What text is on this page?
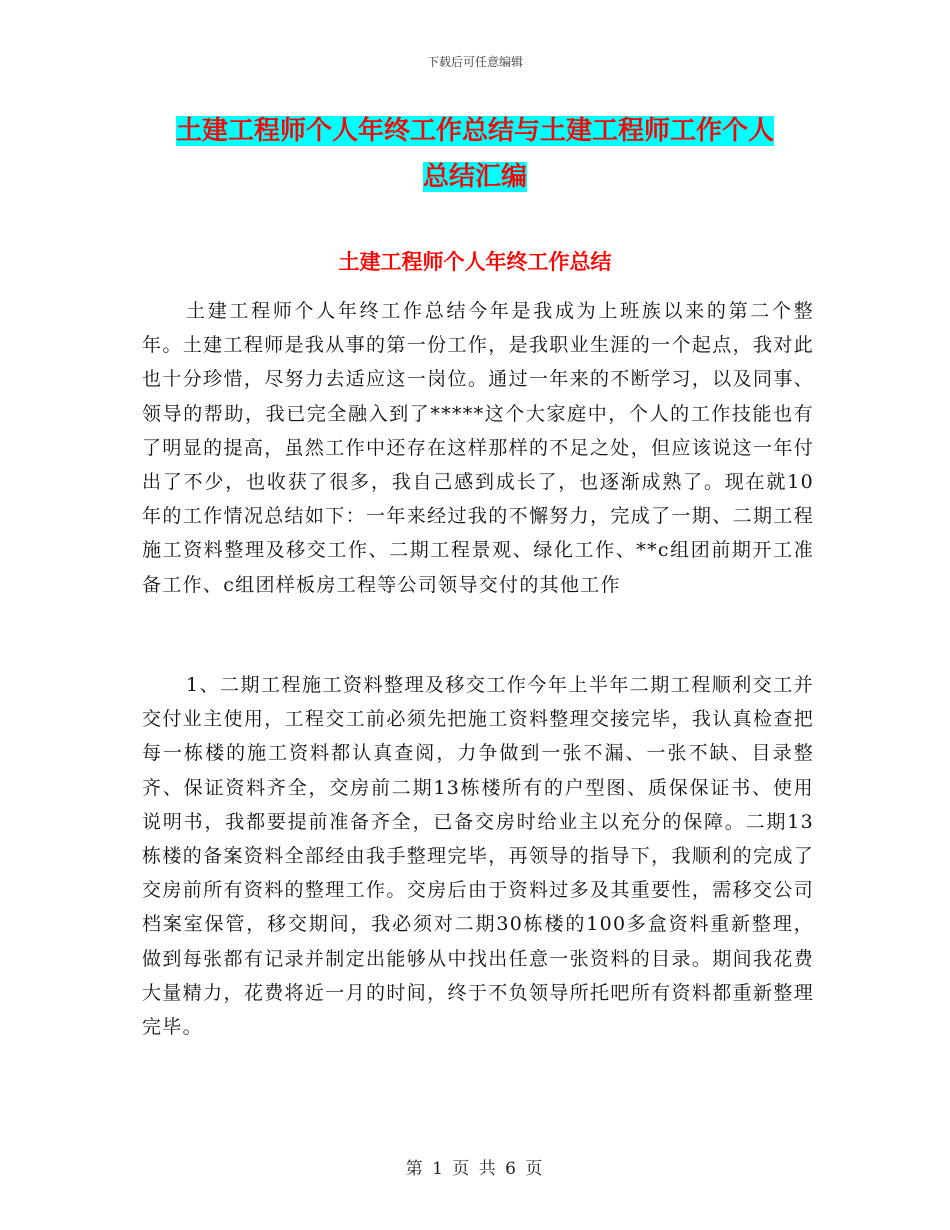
下载后可任意编辑
土建工程师个人年终工作总结与土建工程师工作个人
总结汇编
土建工程师个人年终工作总结

土建工程师个人年终工作总结今年是我成为上班族以来的第二个整年。土建工程师是我从事的第一份工作，是我职业生涯的一个起点，我对此也十分珍惜，尽努力去适应这一岗位。通过一年来的不断学习，以及同事、领导的帮助，我已完全融入到了*****这个大家庭中，个人的工作技能也有了明显的提高，虽然工作中还存在这样那样的不足之处，但应该说这一年付出了不少，也收获了很多，我自己感到成长了，也逐渐成熟了。现在就10年的工作情况总结如下：一年来经过我的不懈努力，完成了一期、二期工程施工资料整理及移交工作、二期工程景观、绿化工作、**c组团前期开工准备工作、c组团样板房工程等公司领导交付的其他工作

1、二期工程施工资料整理及移交工作今年上半年二期工程顺利交工并交付业主使用，工程交工前必须先把施工资料整理交接完毕，我认真检查把每一栋楼的施工资料都认真查阅，力争做到一张不漏、一张不缺、目录整齐、保证资料齐全，交房前二期13栋楼所有的户型图、质保保证书、使用说明书，我都要提前准备齐全，已备交房时给业主以充分的保障。二期13栋楼的备案资料全部经由我手整理完毕，再领导的指导下，我顺利的完成了交房前所有资料的整理工作。交房后由于资料过多及其重要性，需移交公司档案室保管，移交期间，我必须对二期30栋楼的100多盒资料重新整理，做到每张都有记录并制定出能够从中找出任意一张资料的目录。期间我花费大量精力，花费将近一月的时间，终于不负领导所托吧所有资料都重新整理完毕。

第 1 页 共 6 页
